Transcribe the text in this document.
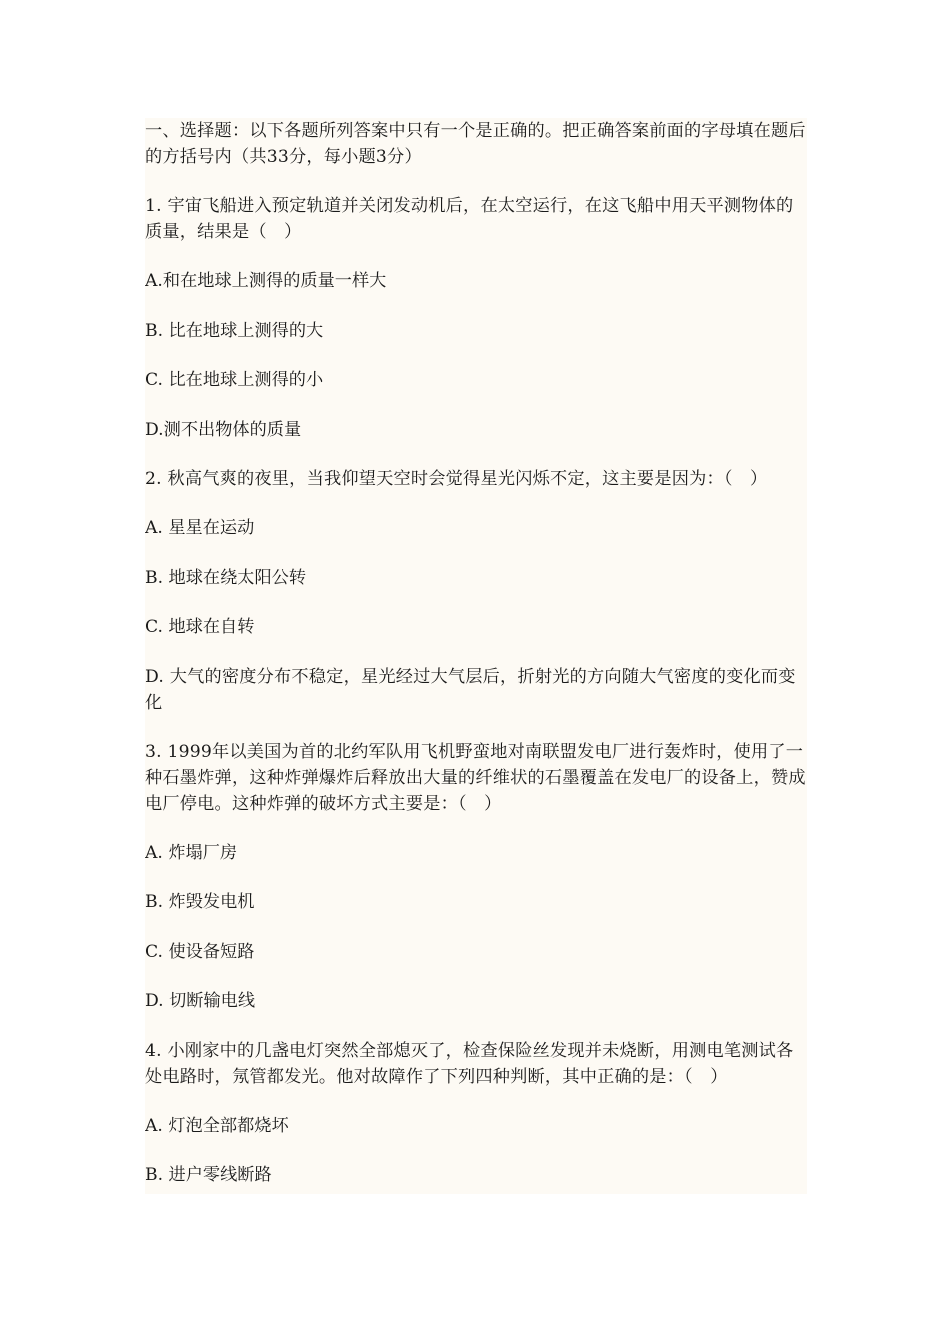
一、选择题：以下各题所列答案中只有一个是正确的。把正确答案前面的字母填在题后的方括号内（共33分，每小题3分）

1. 宇宙飞船进入预定轨道并关闭发动机后，在太空运行，在这飞船中用天平测物体的质量，结果是（　）

A.和在地球上测得的质量一样大

B. 比在地球上测得的大

C. 比在地球上测得的小

D.测不出物体的质量

2. 秋高气爽的夜里，当我仰望天空时会觉得星光闪烁不定，这主要是因为：（　）

A. 星星在运动

B. 地球在绕太阳公转

C. 地球在自转

D. 大气的密度分布不稳定，星光经过大气层后，折射光的方向随大气密度的变化而变化

3. 1999年以美国为首的北约军队用飞机野蛮地对南联盟发电厂进行轰炸时，使用了一种石墨炸弹，这种炸弹爆炸后释放出大量的纤维状的石墨覆盖在发电厂的设备上，赞成电厂停电。这种炸弹的破坏方式主要是：（　）

A. 炸塌厂房

B. 炸毁发电机

C. 使设备短路

D. 切断输电线

4. 小刚家中的几盏电灯突然全部熄灭了，检查保险丝发现并未烧断，用测电笔测试各处电路时，氖管都发光。他对故障作了下列四种判断，其中正确的是：（　）

A. 灯泡全部都烧坏

B. 进户零线断路
